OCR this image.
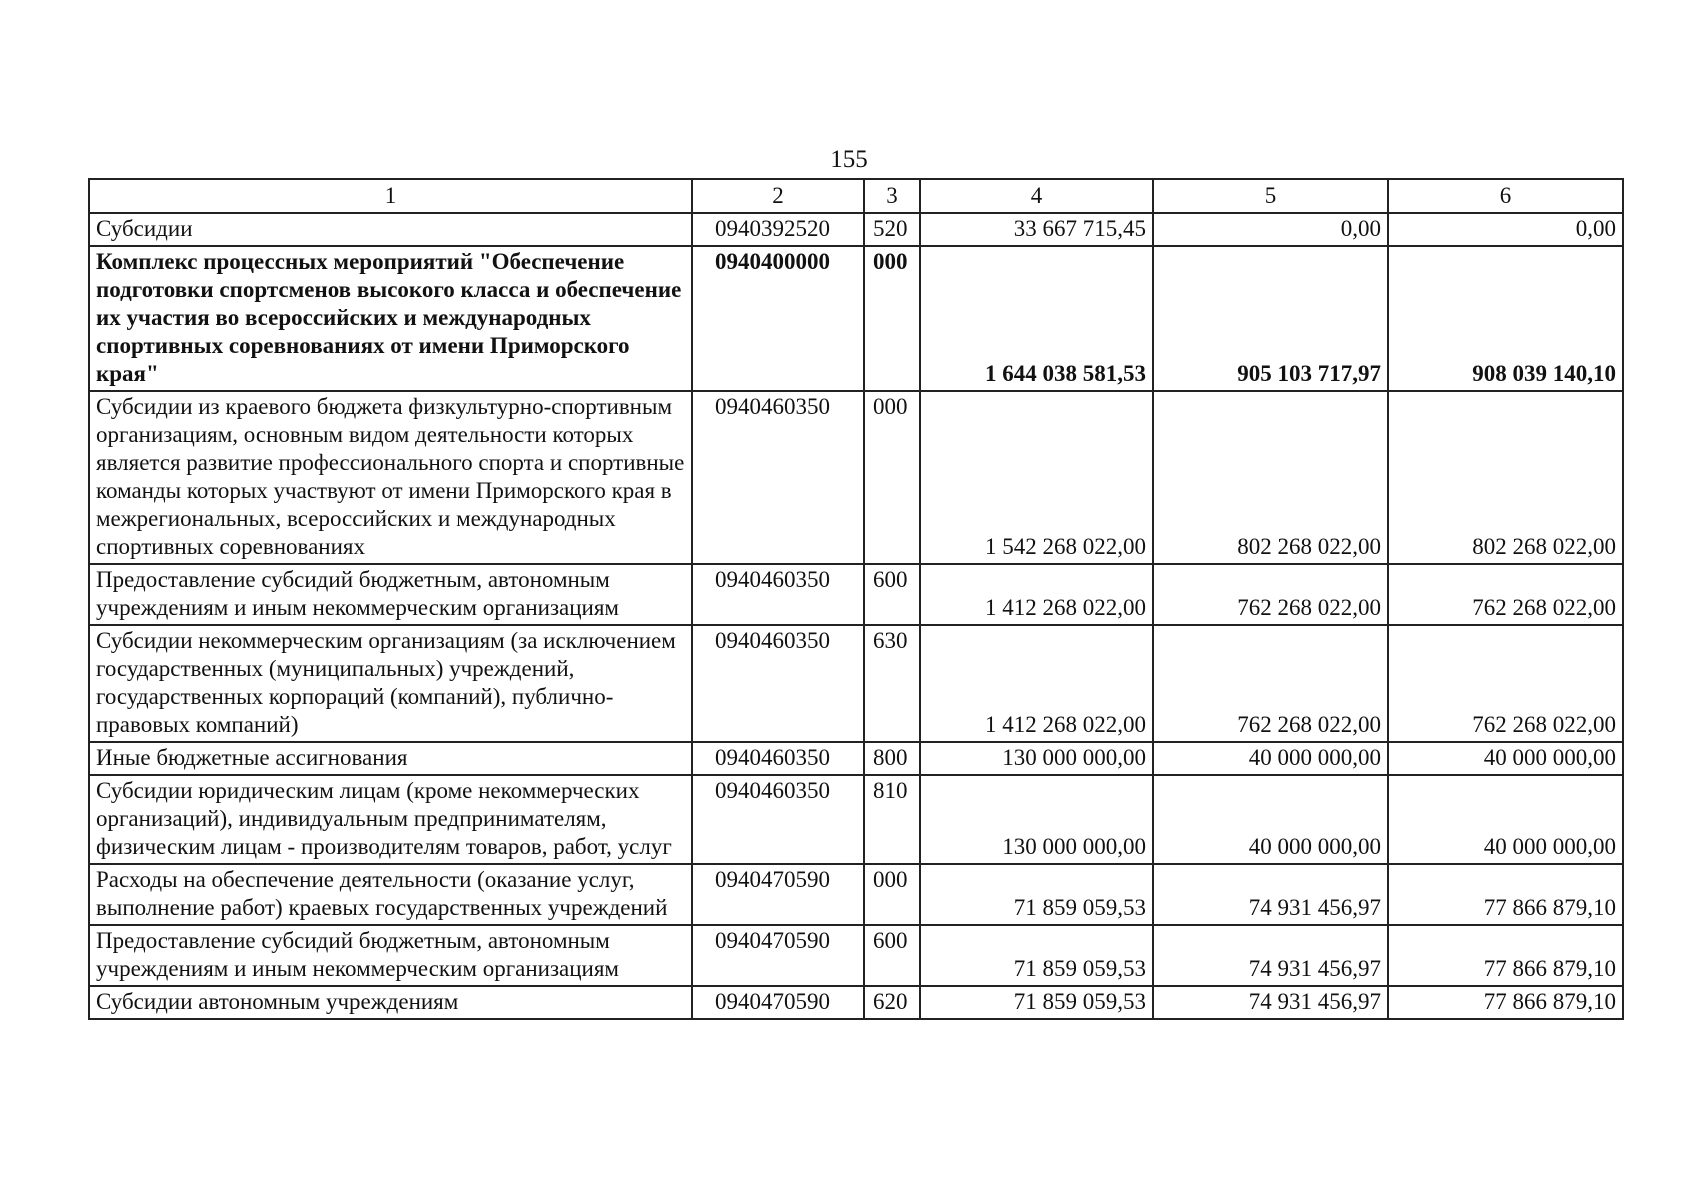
155
1	2	3	4	5	6
Субсидии	0940392520	520	33 667 715,45	0,00	0,00
Комплекс процессных мероприятий "Обеспечение подготовки спортсменов высокого класса и обеспечение их участия во всероссийских и международных спортивных соревнованиях от имени Приморского края"	0940400000	000	1 644 038 581,53	905 103 717,97	908 039 140,10
Субсидии из краевого бюджета физкультурно-спортивным организациям, основным видом деятельности которых является развитие профессионального спорта и спортивные команды которых участвуют от имени Приморского края в межрегиональных, всероссийских и международных спортивных соревнованиях	0940460350	000	1 542 268 022,00	802 268 022,00	802 268 022,00
Предоставление субсидий бюджетным, автономным учреждениям и иным некоммерческим организациям	0940460350	600	1 412 268 022,00	762 268 022,00	762 268 022,00
Субсидии некоммерческим организациям (за исключением государственных (муниципальных) учреждений, государственных корпораций (компаний), публично-правовых компаний)	0940460350	630	1 412 268 022,00	762 268 022,00	762 268 022,00
Иные бюджетные ассигнования	0940460350	800	130 000 000,00	40 000 000,00	40 000 000,00
Субсидии юридическим лицам (кроме некоммерческих организаций), индивидуальным предпринимателям, физическим лицам - производителям товаров, работ, услуг	0940460350	810	130 000 000,00	40 000 000,00	40 000 000,00
Расходы на обеспечение деятельности (оказание услуг, выполнение работ) краевых государственных учреждений	0940470590	000	71 859 059,53	74 931 456,97	77 866 879,10
Предоставление субсидий бюджетным, автономным учреждениям и иным некоммерческим организациям	0940470590	600	71 859 059,53	74 931 456,97	77 866 879,10
Субсидии автономным учреждениям	0940470590	620	71 859 059,53	74 931 456,97	77 866 879,10
